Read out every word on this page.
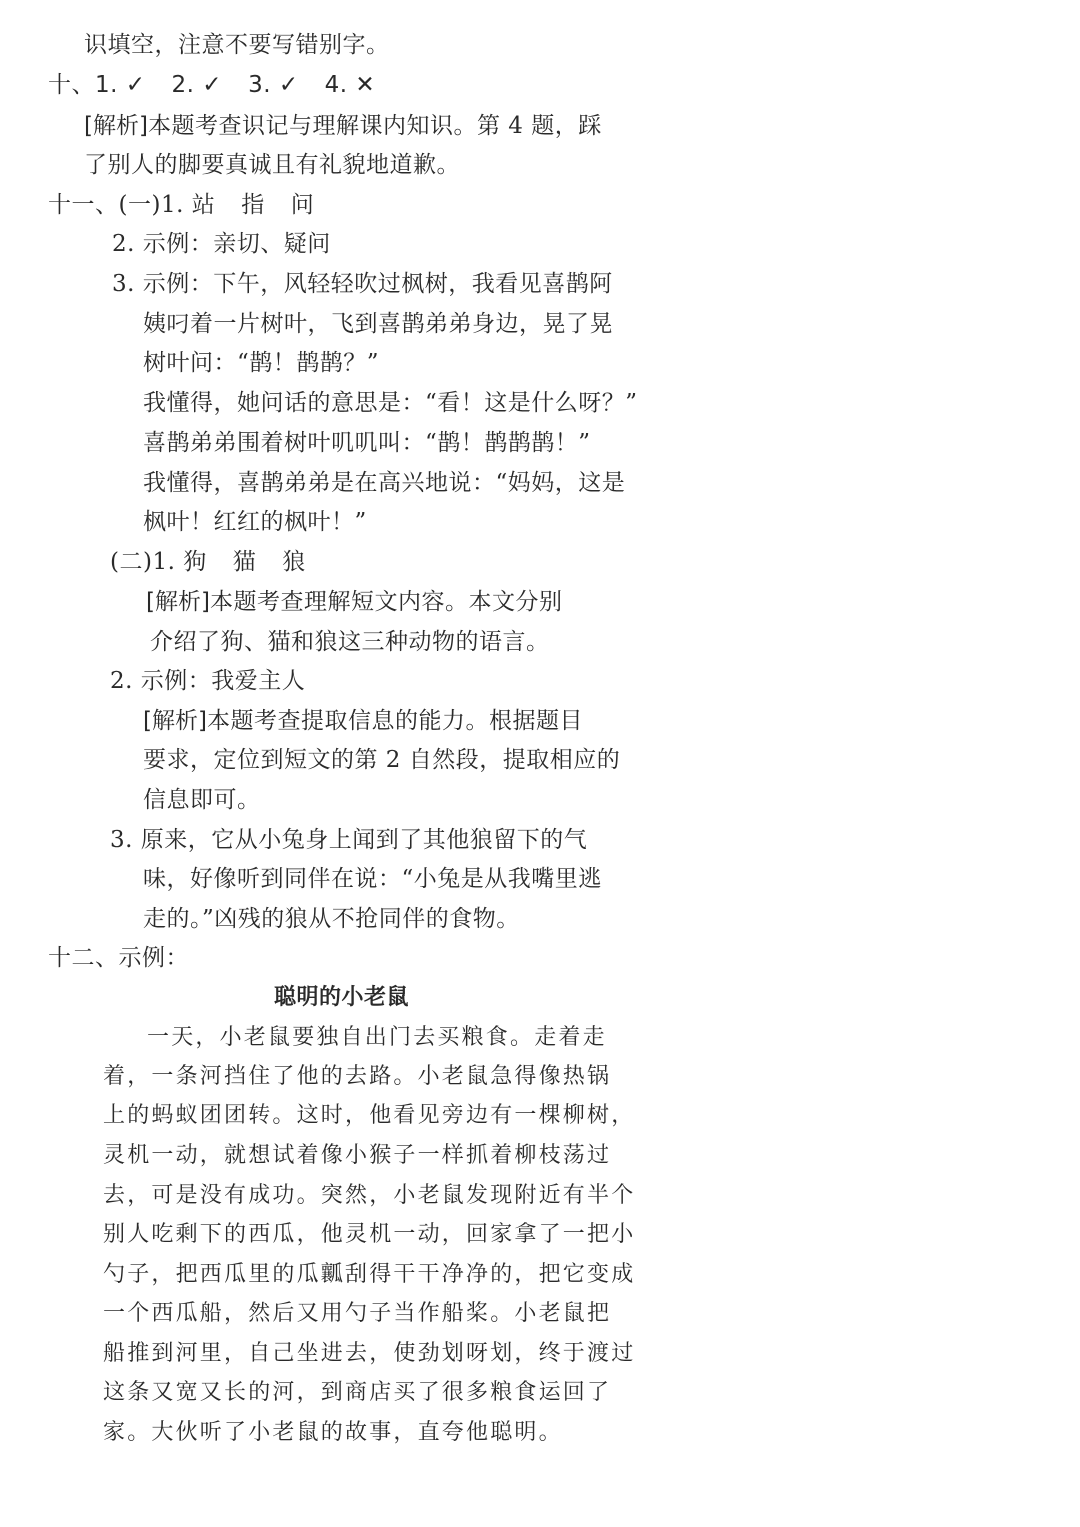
识填空，注意不要写错别字。
十、1. ✓ 2. ✓ 3. ✓ 4. ✕
[解析]本题考查识记与理解课内知识。第 4 题，踩
了别人的脚要真诚且有礼貌地道歉。
十一、(一)1. 站 指 问
2. 示例：亲切、疑问
3. 示例：下午，风轻轻吹过枫树，我看见喜鹊阿
姨叼着一片树叶，飞到喜鹊弟弟身边，晃了晃
树叶问：“鹊！鹊鹊？”
我懂得，她问话的意思是：“看！这是什么呀？”
喜鹊弟弟围着树叶叽叽叫：“鹊！鹊鹊鹊！”
我懂得，喜鹊弟弟是在高兴地说：“妈妈，这是
枫叶！红红的枫叶！”
(二)1. 狗 猫 狼
[解析]本题考查理解短文内容。本文分别
介绍了狗、猫和狼这三种动物的语言。
2. 示例：我爱主人
[解析]本题考查提取信息的能力。根据题目
要求，定位到短文的第 2 自然段，提取相应的
信息即可。
3. 原来，它从小兔身上闻到了其他狼留下的气
味，好像听到同伴在说：“小兔是从我嘴里逃
走的。”凶残的狼从不抢同伴的食物。
十二、示例：
聪明的小老鼠
一天，小老鼠要独自出门去买粮食。走着走
着，一条河挡住了他的去路。小老鼠急得像热锅
上的蚂蚁团团转。这时，他看见旁边有一棵柳树，
灵机一动，就想试着像小猴子一样抓着柳枝荡过
去，可是没有成功。突然，小老鼠发现附近有半个
别人吃剩下的西瓜，他灵机一动，回家拿了一把小
勺子，把西瓜里的瓜瓤刮得干干净净的，把它变成
一个西瓜船，然后又用勺子当作船桨。小老鼠把
船推到河里，自己坐进去，使劲划呀划，终于渡过
这条又宽又长的河，到商店买了很多粮食运回了
家。大伙听了小老鼠的故事，直夸他聪明。
